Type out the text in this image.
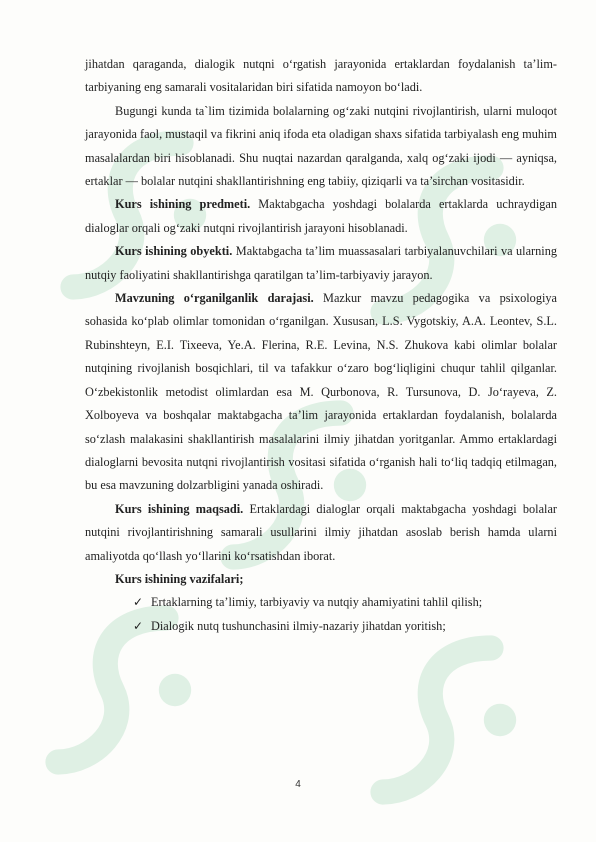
jihatdan qaraganda, dialogik nutqni o‘rgatish jarayonida ertaklardan foydalanish ta’lim-tarbiyaning eng samarali vositalaridan biri sifatida namoyon bo‘ladi.

Bugungi kunda ta`lim tizimida bolalarning og‘zaki nutqini rivojlantirish, ularni muloqot jarayonida faol, mustaqil va fikrini aniq ifoda eta oladigan shaxs sifatida tarbiyalash eng muhim masalalardan biri hisoblanadi. Shu nuqtai nazardan qaralganda, xalq og‘zaki ijodi — ayniqsa, ertaklar — bolalar nutqini shakllantirishning eng tabiiy, qiziqarli va ta’sirchan vositasidir.

Kurs ishining predmeti. Maktabgacha yoshdagi bolalarda ertaklarda uchraydigan dialoglar orqali og‘zaki nutqni rivojlantirish jarayoni hisoblanadi.

Kurs ishining obyekti. Maktabgacha ta’lim muassasalari tarbiyalanuvchilari va ularning nutqiy faoliyatini shakllantirishga qaratilgan ta’lim-tarbiyaviy jarayon.

Mavzuning o‘rganilganlik darajasi. Mazkur mavzu pedagogika va psixologiya sohasida ko‘plab olimlar tomonidan o‘rganilgan. Xususan, L.S. Vygotskiy, A.A. Leontev, S.L. Rubinshteyn, E.I. Tixeeva, Ye.A. Flerina, R.E. Levina, N.S. Zhukova kabi olimlar bolalar nutqining rivojlanish bosqichlari, til va tafakkur o‘zaro bog‘liqligini chuqur tahlil qilganlar. O‘zbekistonlik metodist olimlardan esa M. Qurbonova, R. Tursunova, D. Jo‘rayeva, Z. Xolboyeva va boshqalar maktabgacha ta’lim jarayonida ertaklardan foydalanish, bolalarda so‘zlash malakasini shakllantirish masalalarini ilmiy jihatdan yoritganlar. Ammo ertaklardagi dialoglarni bevosita nutqni rivojlantirish vositasi sifatida o‘rganish hali to‘liq tadqiq etilmagan, bu esa mavzuning dolzarbligini yanada oshiradi.

Kurs ishining maqsadi. Ertaklardagi dialoglar orqali maktabgacha yoshdagi bolalar nutqini rivojlantirishning samarali usullarini ilmiy jihatdan asoslab berish hamda ularni amaliyotda qo‘llash yo‘llarini ko‘rsatishdan iborat.

Kurs ishining vazifalari;

✓ Ertaklarning ta’limiy, tarbiyaviy va nutqiy ahamiyatini tahlil qilish;
✓ Dialogik nutq tushunchasini ilmiy-nazariy jihatdan yoritish;
4
